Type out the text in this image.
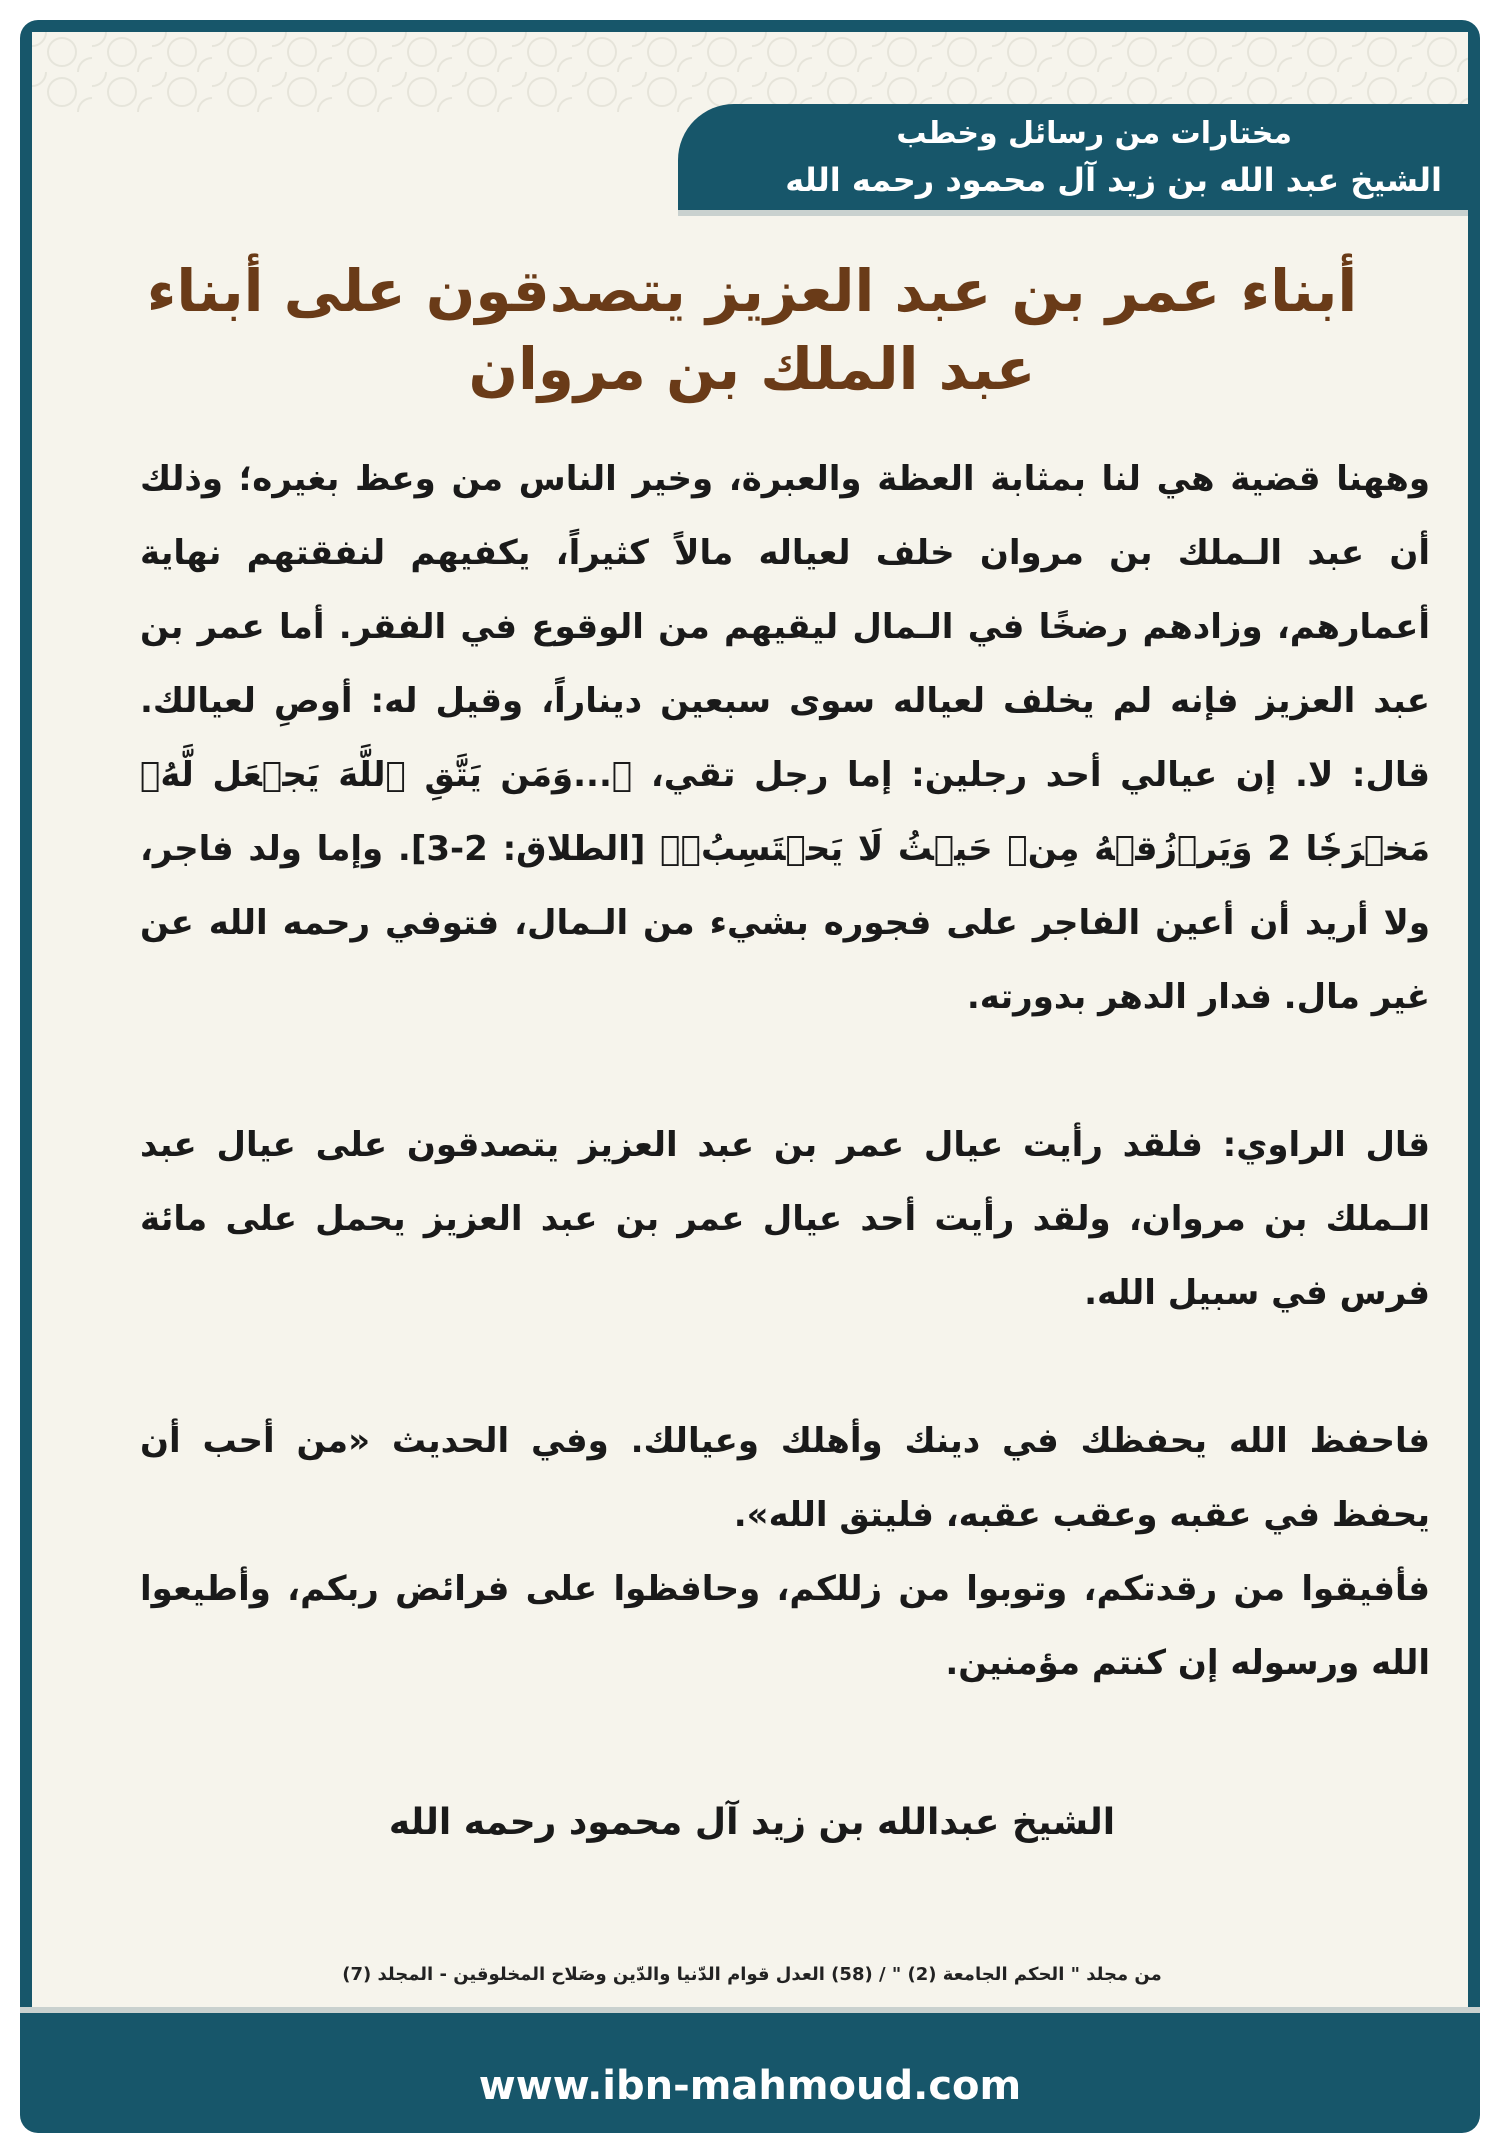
مختارات من رسائل وخطب
الشيخ عبد الله بن زيد آل محمود رحمه الله
أبناء عمر بن عبد العزيز يتصدقون على أبناء
عبد الملك بن مروان

وههنا قضية هي لنا بمثابة العظة والعبرة، وخير الناس من وعظ بغيره؛ وذلك أن عبد الـملك بن مروان خلف لعياله مالاً كثيراً، يكفيهم لنفقتهم نهاية أعمارهم، وزادهم رضخًا في الـمال ليقيهم من الوقوع في الفقر. أما عمر بن عبد العزيز فإنه لم يخلف لعياله سوى سبعين ديناراً، وقيل له: أوصِ لعيالك. قال: لا. إن عيالي أحد رجلين: إما رجل تقي، ﴿...وَمَن يَتَّقِ ٱللَّهَ يَجۡعَل لَّهُۥ مَخۡرَجٗا 2 وَيَرۡزُقۡهُ مِنۡ حَيۡثُ لَا يَحۡتَسِبُۚ﴾ [الطلاق: 2-3]. وإما ولد فاجر، ولا أريد أن أعين الفاجر على فجوره بشيء من الـمال، فتوفي رحمه الله عن غير مال. فدار الدهر بدورته.

قال الراوي: فلقد رأيت عيال عمر بن عبد العزيز يتصدقون على عيال عبد الـملك بن مروان، ولقد رأيت أحد عيال عمر بن عبد العزيز يحمل على مائة فرس في سبيل الله.

فاحفظ الله يحفظك في دينك وأهلك وعيالك. وفي الحديث «من أحب أن يحفظ في عقبه وعقب عقبه، فليتق الله».

فأفيقوا من رقدتكم، وتوبوا من زللكم، وحافظوا على فرائض ربكم، وأطيعوا الله ورسوله إن كنتم مؤمنين.

الشيخ عبدالله بن زيد آل محمود رحمه الله
من مجلد " الحكم الجامعة (2) " / (58) العدل قوام الدّنيا والدّين وصَلاح المخلوقين - المجلد (7)
www.ibn-mahmoud.com
